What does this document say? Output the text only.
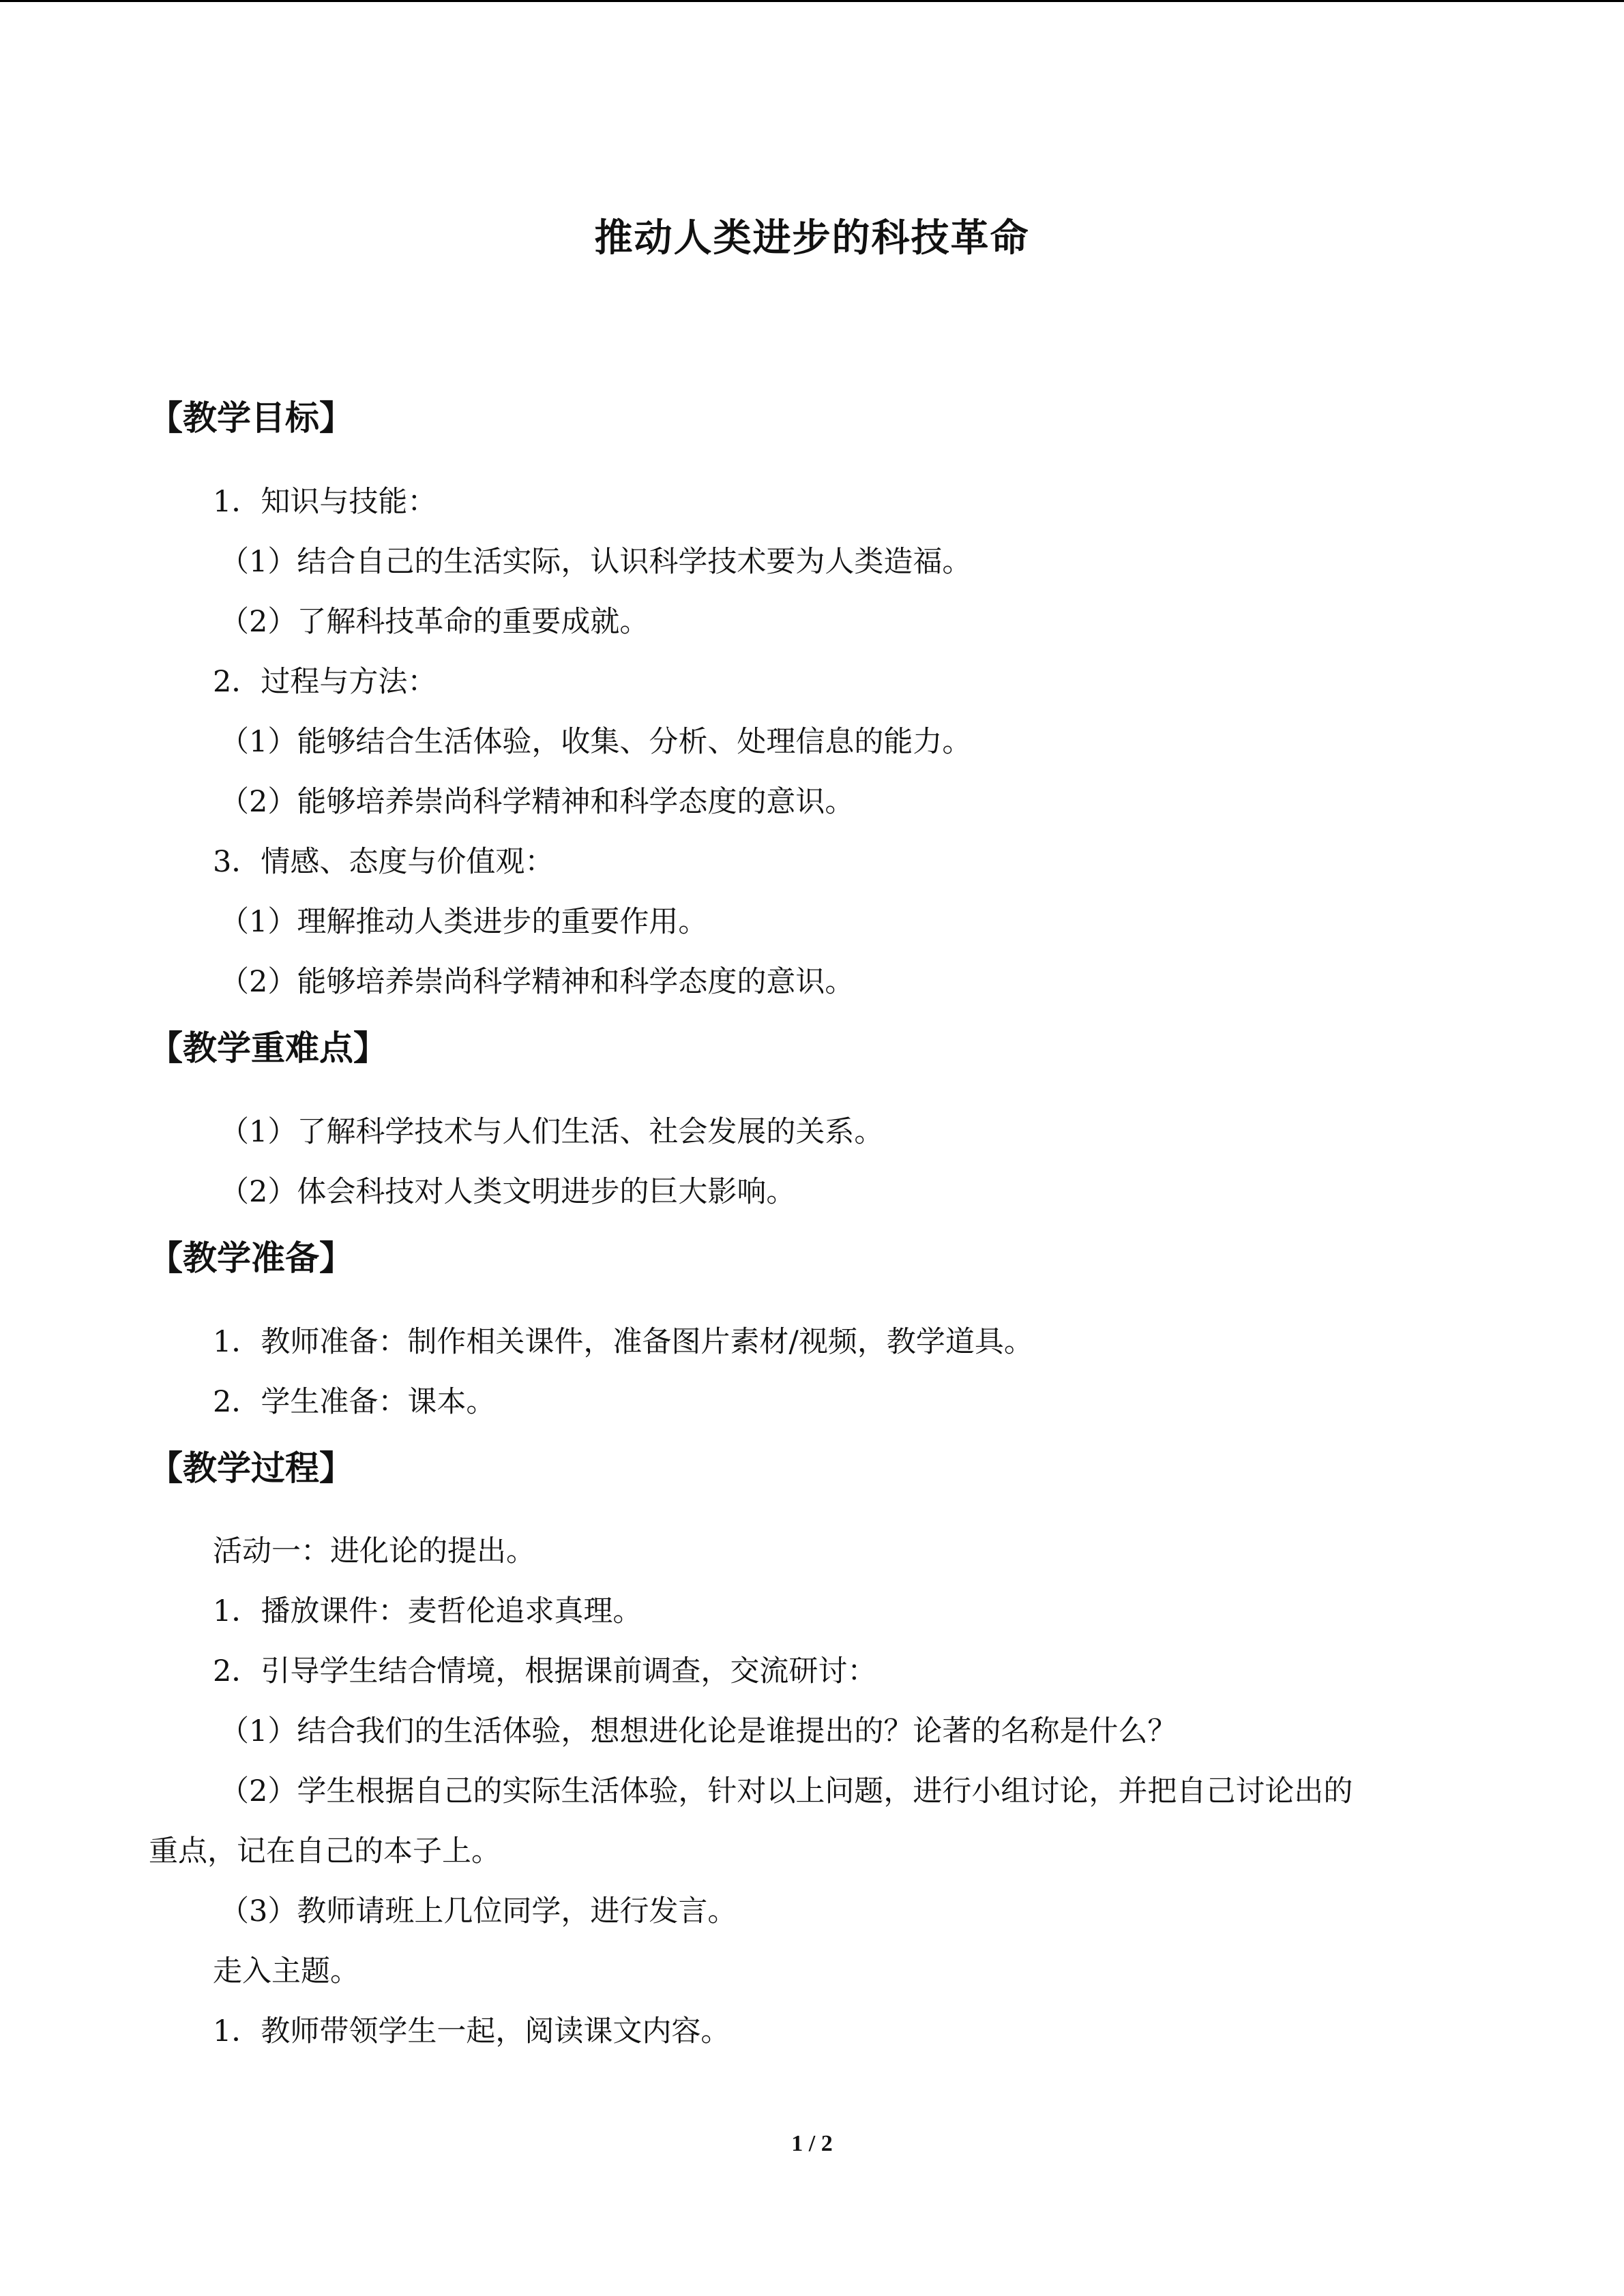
推动人类进步的科技革命
【教学目标】
1．知识与技能：
（1）结合自己的生活实际，认识科学技术要为人类造福。
（2）了解科技革命的重要成就。
2．过程与方法：
（1）能够结合生活体验，收集、分析、处理信息的能力。
（2）能够培养崇尚科学精神和科学态度的意识。
3．情感、态度与价值观：
（1）理解推动人类进步的重要作用。
（2）能够培养崇尚科学精神和科学态度的意识。
【教学重难点】
（1）了解科学技术与人们生活、社会发展的关系。
（2）体会科技对人类文明进步的巨大影响。
【教学准备】
1．教师准备：制作相关课件，准备图片素材/视频，教学道具。
2．学生准备：课本。
【教学过程】
活动一：进化论的提出。
1．播放课件：麦哲伦追求真理。
2．引导学生结合情境，根据课前调查，交流研讨：
（1）结合我们的生活体验，想想进化论是谁提出的？论著的名称是什么？
（2）学生根据自己的实际生活体验，针对以上问题，进行小组讨论，并把自己讨论出的
重点，记在自己的本子上。
（3）教师请班上几位同学，进行发言。
走入主题。
1．教师带领学生一起，阅读课文内容。
1 / 2
